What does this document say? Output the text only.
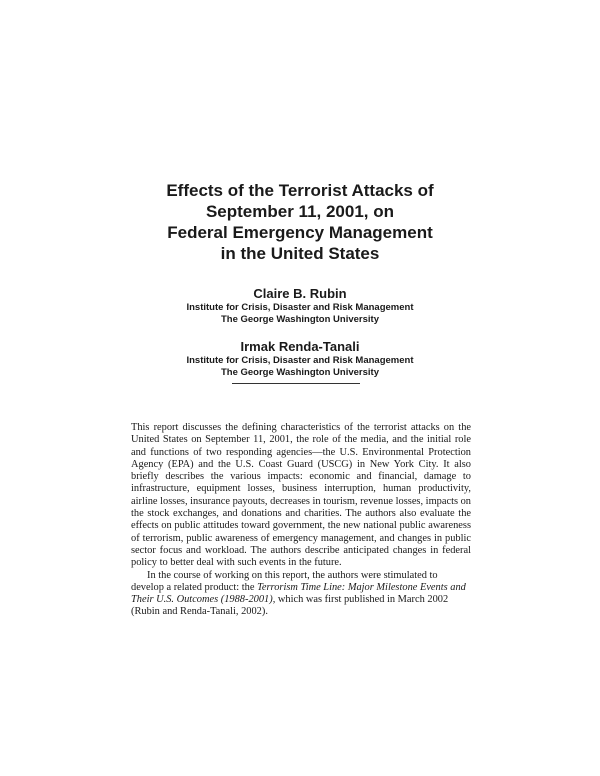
Effects of the Terrorist Attacks of
September 11, 2001, on
Federal Emergency Management
in the United States
Claire B. Rubin
Institute for Crisis, Disaster and Risk Management
The George Washington University
Irmak Renda-Tanali
Institute for Crisis, Disaster and Risk Management
The George Washington University

This report discusses the defining characteristics of the terrorist attacks on the United States on September 11, 2001, the role of the media, and the initial role and functions of two responding agencies—the U.S. Environmental Protection Agency (EPA) and the U.S. Coast Guard (USCG) in New York City. It also briefly describes the various impacts: economic and financial, damage to infrastructure, equipment losses, business interruption, human productivity, airline losses, insurance payouts, decreases in tourism, revenue losses, impacts on the stock exchanges, and donations and charities. The authors also evaluate the effects on public attitudes toward government, the new national public awareness of terrorism, public awareness of emergency management, and changes in public sector focus and workload. The authors describe anticipated changes in federal policy to better deal with such events in the future.

In the course of working on this report, the authors were stimulated to develop a related product: the Terrorism Time Line: Major Milestone Events and Their U.S. Outcomes (1988-2001), which was first published in March 2002 (Rubin and Renda-Tanali, 2002).
